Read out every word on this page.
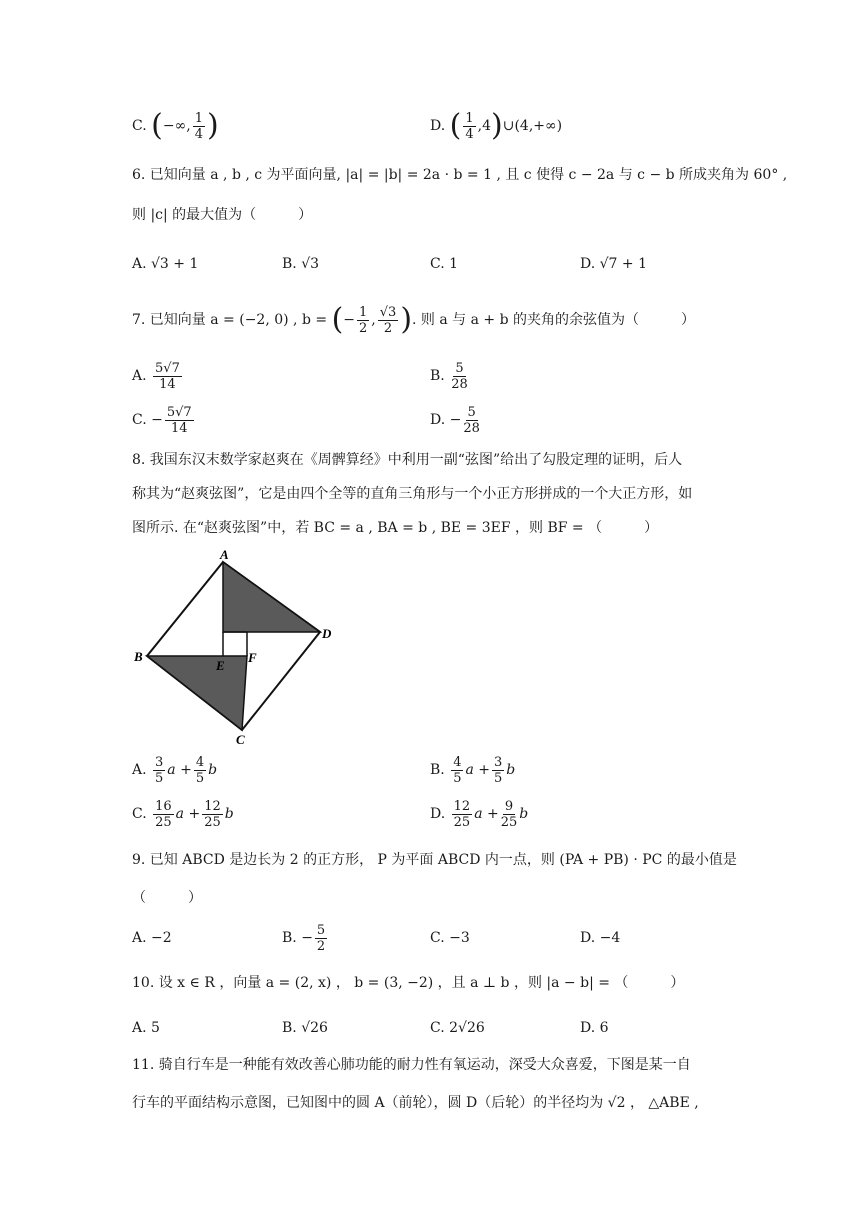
C. (−∞, $\frac{1}{4}$ )	D. ( $\frac{1}{4}$ ,4)∪(4,+∞)
6. 已知向量 a , b , c 为平面向量, |a| = |b| = 2a · b = 1 , 且 c 使得 c − 2a 与 c − b 所成夹角为 60° ,
则 |c| 的最大值为（　　　）
A. √3 + 1	B. √3	C. 1	D. √7 + 1
7. 已知向量 a = (−2, 0) , b = (− $\frac{1}{2}$ , $\frac{√3}{2}$ ). 则 a 与 a + b 的夹角的余弦值为（　　　）
A. $\frac{5√7}{14}$	B. $\frac{5}{28}$
C. − $\frac{5√7}{14}$	D. − $\frac{5}{28}$
8. 我国东汉末数学家赵爽在《周髀算经》中利用一副“弦图”给出了勾股定理的证明，后人
称其为“赵爽弦图”，它是由四个全等的直角三角形与一个小正方形拼成的一个大正方形，如
图所示. 在“赵爽弦图”中，若 BC = a , BA = b , BE = 3EF ，则 BF = （　　　）
A
B
C
D
E
F
A. $\frac{3}{5}$ $a + \frac{4}{5}$ b	B. $\frac{4}{5}$ $a + \frac{3}{5}$ b
C. $\frac{16}{25}$ $a + \frac{12}{25}$ b	D. $\frac{12}{25}$ $a + \frac{9}{25}$ b
9. 已知 ABCD 是边长为 2 的正方形， P 为平面 ABCD 内一点，则 (PA + PB) · PC 的最小值是
（　　　）
A. −2	B. − $\frac{5}{2}$	C. −3	D. −4
10. 设 x ∈ R ，向量 a = (2, x) ， b = (3, −2) ，且 a ⊥ b ，则 |a − b| = （　　　）
A. 5	B. √26	C. 2√26	D. 6
11. 骑自行车是一种能有效改善心肺功能的耐力性有氧运动，深受大众喜爱，下图是某一自
行车的平面结构示意图，已知图中的圆 A（前轮），圆 D（后轮）的半径均为 √2 ， △ABE ,
